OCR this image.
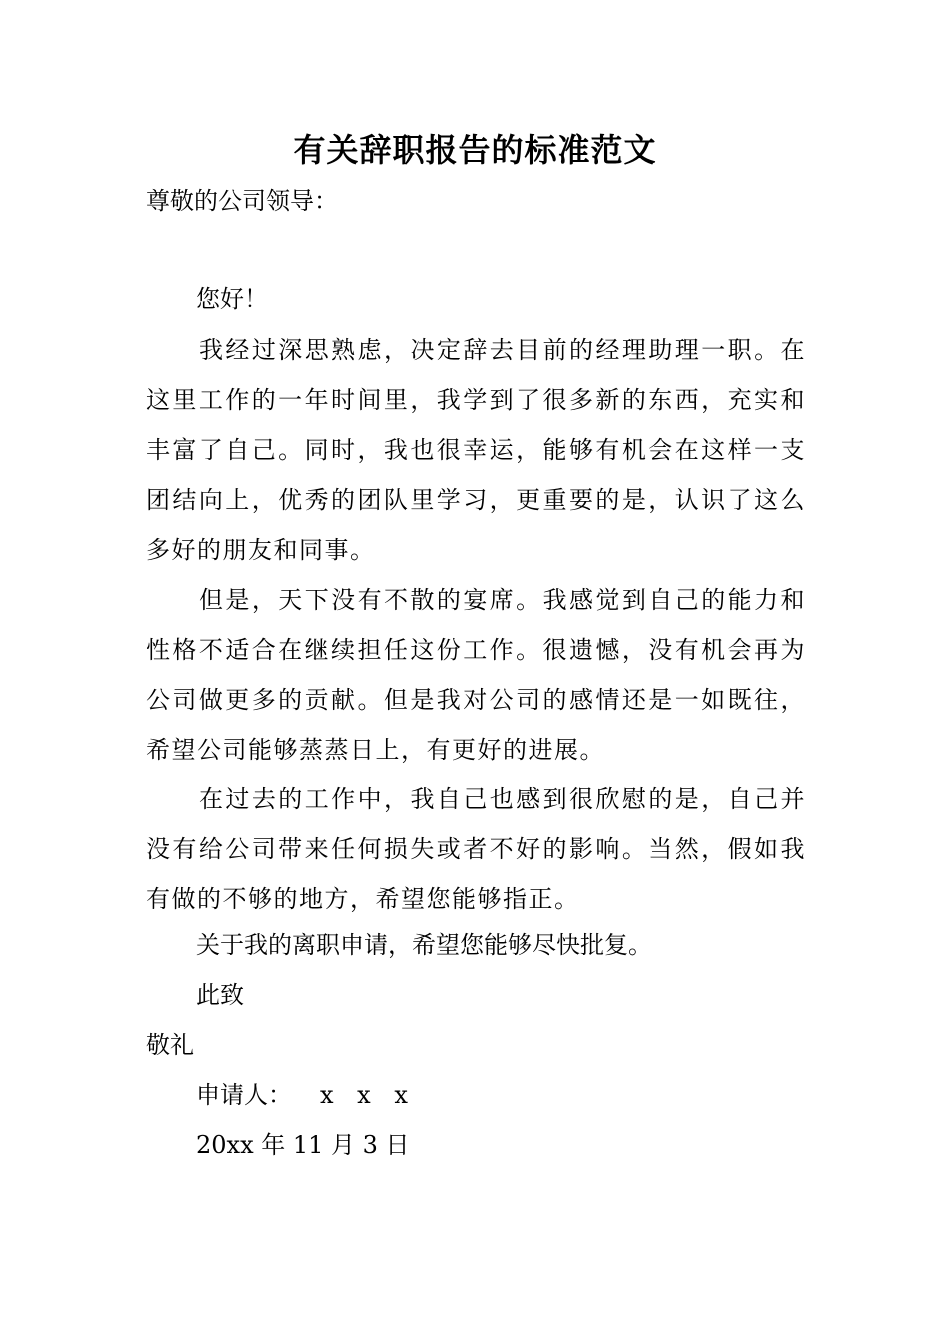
有关辞职报告的标准范文
尊敬的公司领导：
您好！
我经过深思熟虑，决定辞去目前的经理助理一职。在这里工作的一年时间里，我学到了很多新的东西，充实和丰富了自己。同时，我也很幸运，能够有机会在这样一支团结向上，优秀的团队里学习，更重要的是，认识了这么多好的朋友和同事。
但是，天下没有不散的宴席。我感觉到自己的能力和性格不适合在继续担任这份工作。很遗憾，没有机会再为公司做更多的贡献。但是我对公司的感情还是一如既往，希望公司能够蒸蒸日上，有更好的进展。
在过去的工作中，我自己也感到很欣慰的是，自己并没有给公司带来任何损失或者不好的影响。当然，假如我有做的不够的地方，希望您能够指正。
关于我的离职申请，希望您能够尽快批复。
此致
敬礼
申请人： x x x
20xx 年 11 月 3 日
